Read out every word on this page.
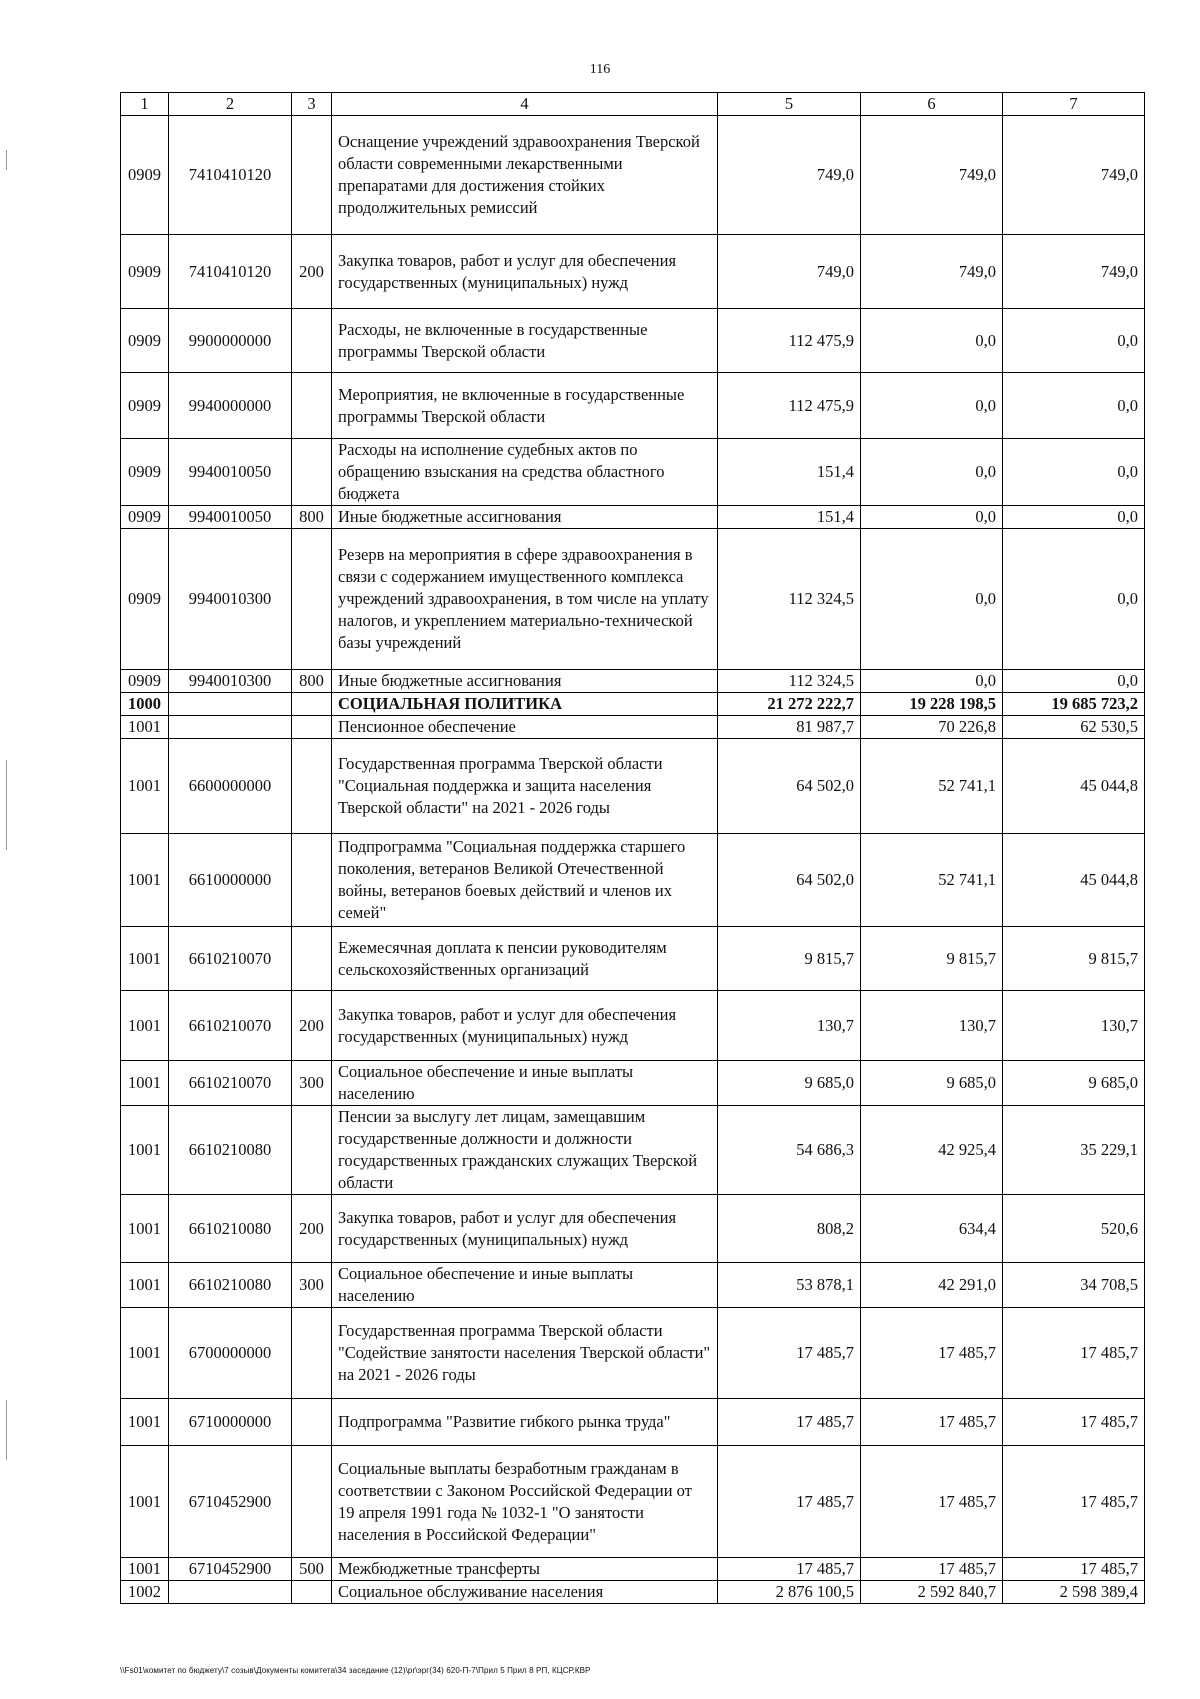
116
1	2	3	4	5	6	7
0909	7410410120		Оснащение учреждений здравоохранения Тверской области современными лекарственными препаратами для достижения стойких продолжительных ремиссий	749,0	749,0	749,0
0909	7410410120	200	Закупка товаров, работ и услуг для обеспечения государственных (муниципальных) нужд	749,0	749,0	749,0
0909	9900000000		Расходы, не включенные в государственные программы Тверской области	112 475,9	0,0	0,0
0909	9940000000		Мероприятия, не включенные в государственные программы Тверской области	112 475,9	0,0	0,0
0909	9940010050		Расходы на исполнение судебных актов по обращению взыскания на средства областного бюджета	151,4	0,0	0,0
0909	9940010050	800	Иные бюджетные ассигнования	151,4	0,0	0,0
0909	9940010300		Резерв на мероприятия в сфере здравоохранения в связи с содержанием имущественного комплекса учреждений здравоохранения, в том числе на уплату налогов, и укреплением материально-технической базы учреждений	112 324,5	0,0	0,0
0909	9940010300	800	Иные бюджетные ассигнования	112 324,5	0,0	0,0
1000			СОЦИАЛЬНАЯ ПОЛИТИКА	21 272 222,7	19 228 198,5	19 685 723,2
1001			Пенсионное обеспечение	81 987,7	70 226,8	62 530,5
1001	6600000000		Государственная программа Тверской области "Социальная поддержка и защита населения Тверской области" на 2021 - 2026 годы	64 502,0	52 741,1	45 044,8
1001	6610000000		Подпрограмма "Социальная поддержка старшего поколения, ветеранов Великой Отечественной войны, ветеранов боевых действий и членов их семей"	64 502,0	52 741,1	45 044,8
1001	6610210070		Ежемесячная доплата к пенсии руководителям сельскохозяйственных организаций	9 815,7	9 815,7	9 815,7
1001	6610210070	200	Закупка товаров, работ и услуг для обеспечения государственных (муниципальных) нужд	130,7	130,7	130,7
1001	6610210070	300	Социальное обеспечение и иные выплаты населению	9 685,0	9 685,0	9 685,0
1001	6610210080		Пенсии за выслугу лет лицам, замещавшим государственные должности и должности государственных гражданских служащих Тверской области	54 686,3	42 925,4	35 229,1
1001	6610210080	200	Закупка товаров, работ и услуг для обеспечения государственных (муниципальных) нужд	808,2	634,4	520,6
1001	6610210080	300	Социальное обеспечение и иные выплаты населению	53 878,1	42 291,0	34 708,5
1001	6700000000		Государственная программа Тверской области "Содействие занятости населения Тверской области" на 2021 - 2026 годы	17 485,7	17 485,7	17 485,7
1001	6710000000		Подпрограмма "Развитие гибкого рынка труда"	17 485,7	17 485,7	17 485,7
1001	6710452900		Социальные выплаты безработным гражданам в соответствии с Законом Российской Федерации от 19 апреля 1991 года № 1032-1 "О занятости населения в Российской Федерации"	17 485,7	17 485,7	17 485,7
1001	6710452900	500	Межбюджетные трансферты	17 485,7	17 485,7	17 485,7
1002			Социальное обслуживание населения	2 876 100,5	2 592 840,7	2 598 389,4
\\Fs01\комитет по бюджету\7 созыв\Документы комитета\34 заседание (12)\pr\эрг(34) 620-П-7\Прил 5 Прил 8 РП, КЦСР,КВР
